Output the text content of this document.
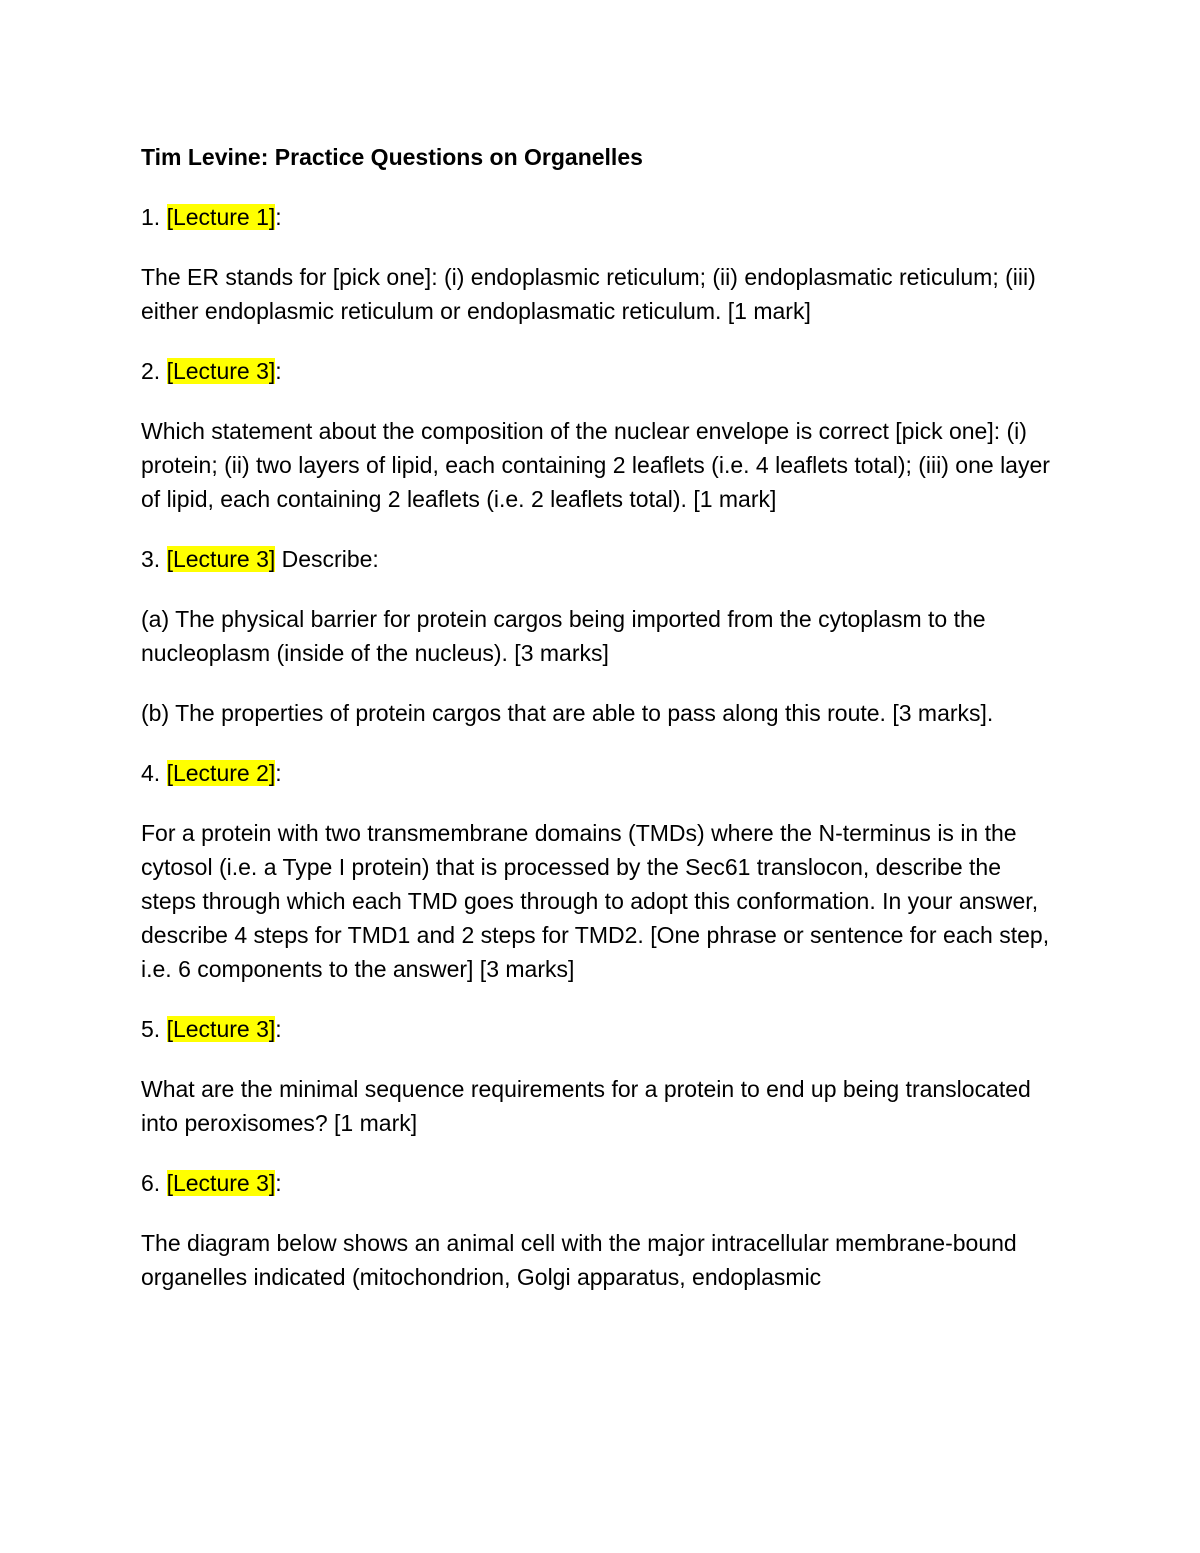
Tim Levine: Practice Questions on Organelles

1. [Lecture 1]:

The ER stands for [pick one]: (i) endoplasmic reticulum; (ii) endoplasmatic reticulum; (iii) either endoplasmic reticulum or endoplasmatic reticulum. [1 mark]

2. [Lecture 3]:

Which statement about the composition of the nuclear envelope is correct [pick one]: (i) protein; (ii) two layers of lipid, each containing 2 leaflets (i.e. 4 leaflets total); (iii) one layer of lipid, each containing 2 leaflets (i.e. 2 leaflets total). [1 mark]

3. [Lecture 3] Describe:

(a) The physical barrier for protein cargos being imported from the cytoplasm to the nucleoplasm (inside of the nucleus). [3 marks]

(b) The properties of protein cargos that are able to pass along this route. [3 marks].

4. [Lecture 2]:

For a protein with two transmembrane domains (TMDs) where the N-terminus is in the cytosol (i.e. a Type I protein) that is processed by the Sec61 translocon, describe the steps through which each TMD goes through to adopt this conformation. In your answer, describe 4 steps for TMD1 and 2 steps for TMD2. [One phrase or sentence for each step, i.e. 6 components to the answer] [3 marks]

5. [Lecture 3]:

What are the minimal sequence requirements for a protein to end up being translocated into peroxisomes? [1 mark]

6. [Lecture 3]:

The diagram below shows an animal cell with the major intracellular membrane-bound organelles indicated (mitochondrion, Golgi apparatus, endoplasmic
